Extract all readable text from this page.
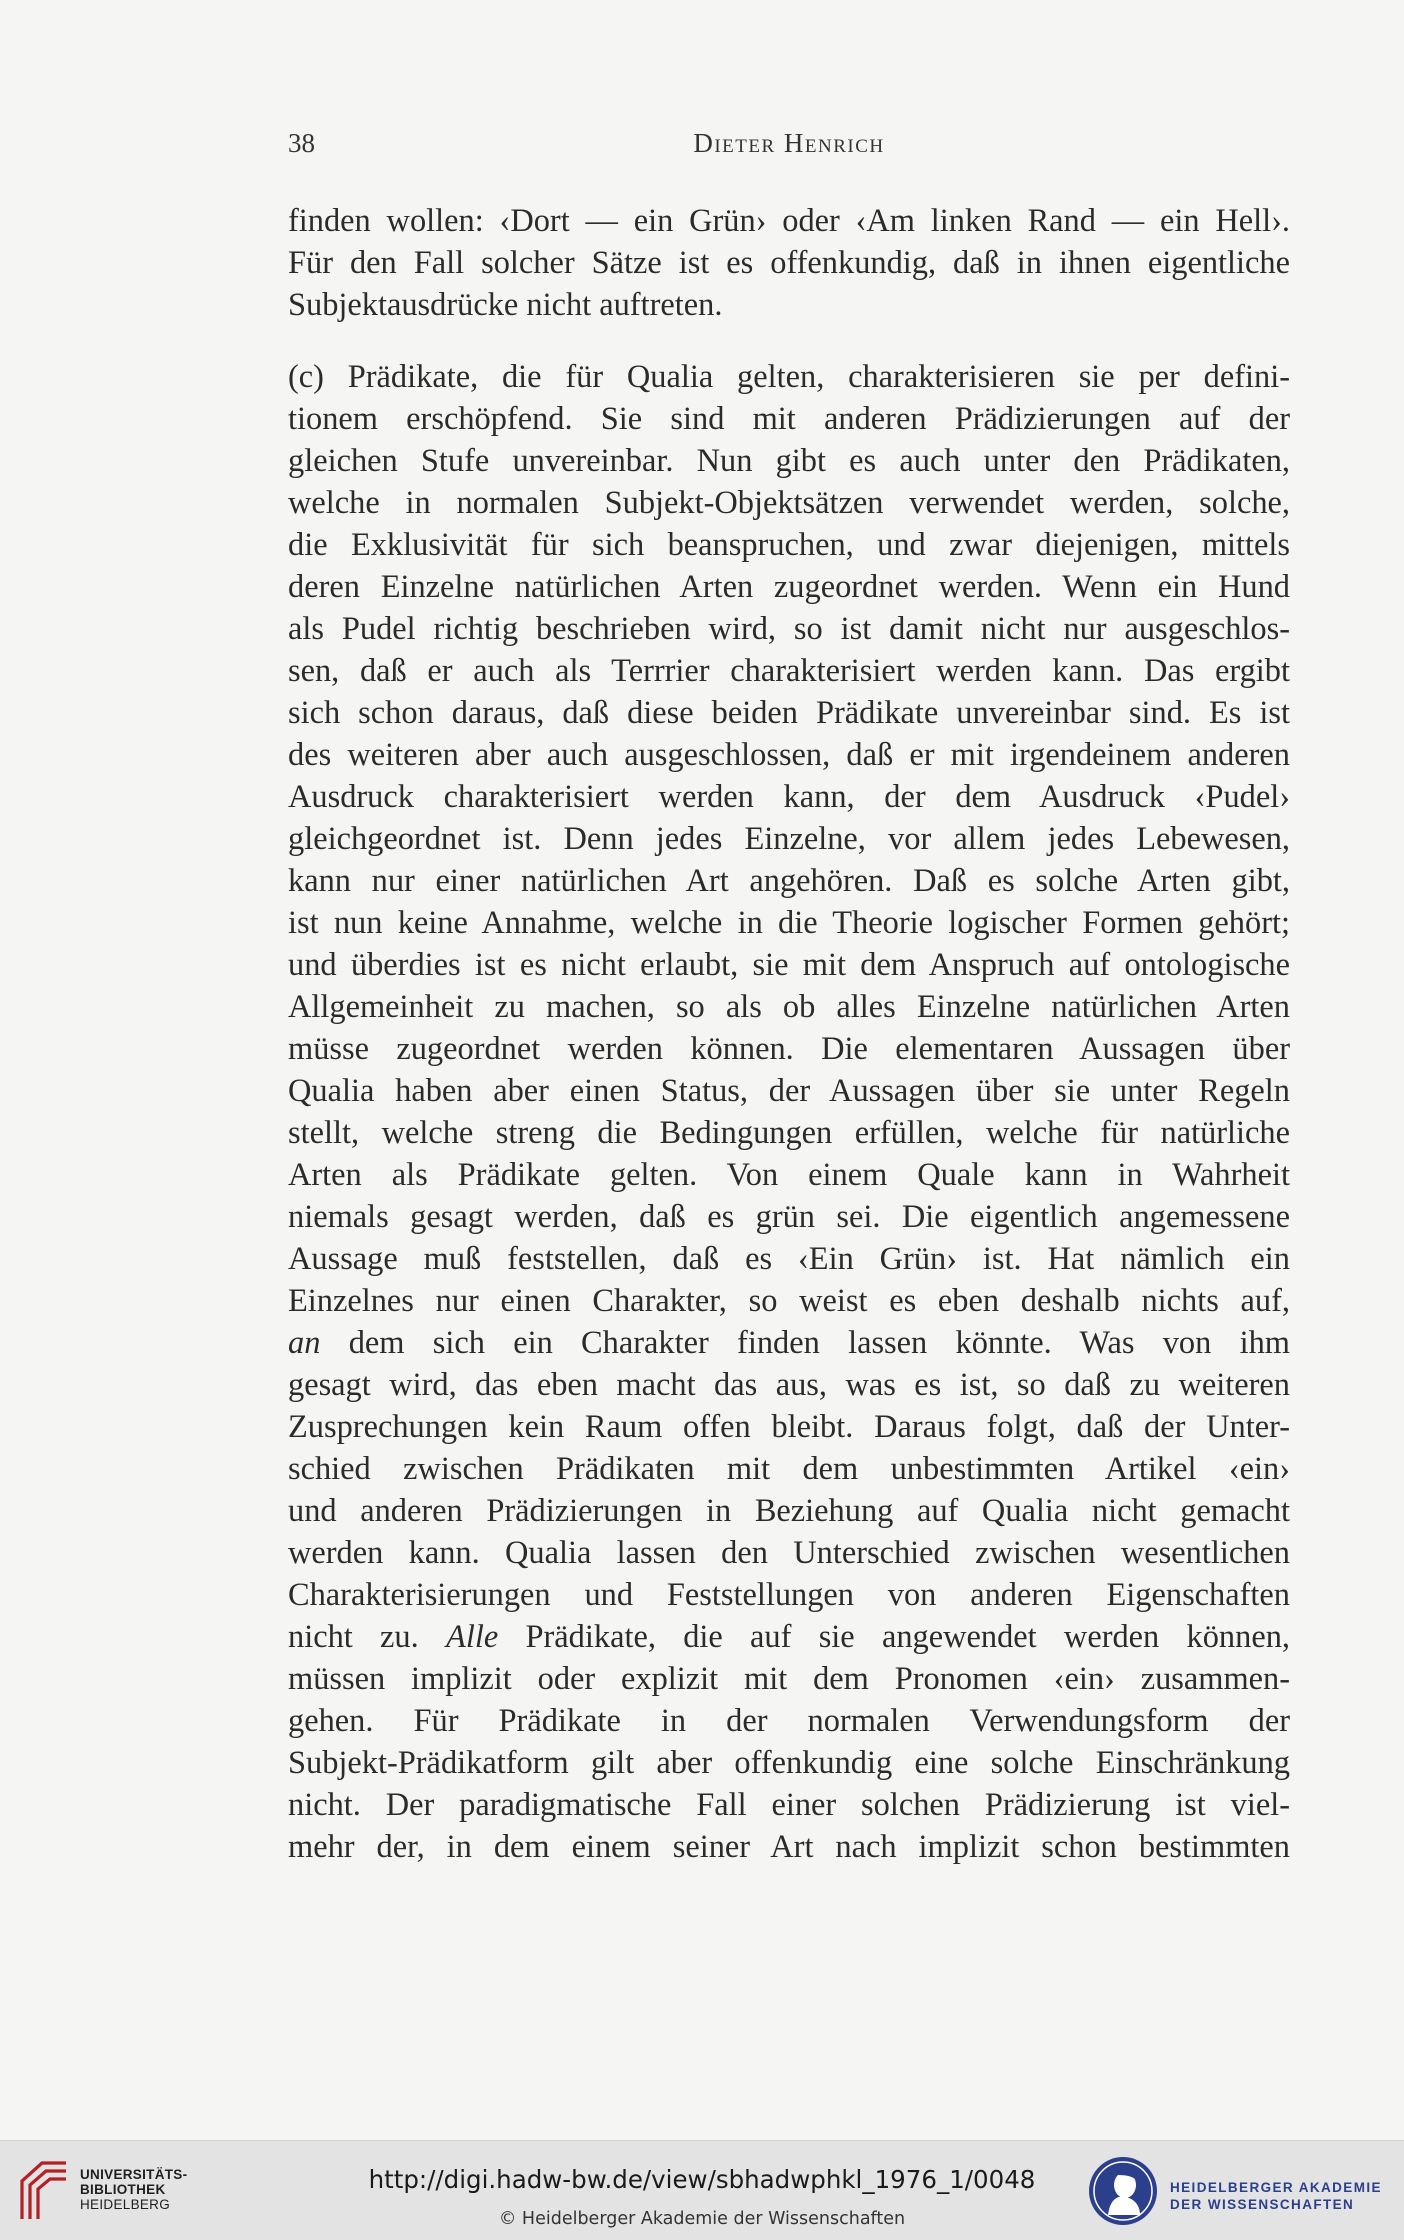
38	Dieter Henrich
finden wollen: ‹Dort — ein Grün› oder ‹Am linken Rand — ein Hell›.
Für den Fall solcher Sätze ist es offenkundig, daß in ihnen eigentliche
Subjektausdrücke nicht auftreten.
(c) Prädikate, die für Qualia gelten, charakterisieren sie per defini-
tionem erschöpfend. Sie sind mit anderen Prädizierungen auf der
gleichen Stufe unvereinbar. Nun gibt es auch unter den Prädikaten,
welche in normalen Subjekt-Objektsätzen verwendet werden, solche,
die Exklusivität für sich beanspruchen, und zwar diejenigen, mittels
deren Einzelne natürlichen Arten zugeordnet werden. Wenn ein Hund
als Pudel richtig beschrieben wird, so ist damit nicht nur ausgeschlos-
sen, daß er auch als Terrrier charakterisiert werden kann. Das ergibt
sich schon daraus, daß diese beiden Prädikate unvereinbar sind. Es ist
des weiteren aber auch ausgeschlossen, daß er mit irgendeinem anderen
Ausdruck charakterisiert werden kann, der dem Ausdruck ‹Pudel›
gleichgeordnet ist. Denn jedes Einzelne, vor allem jedes Lebewesen,
kann nur einer natürlichen Art angehören. Daß es solche Arten gibt,
ist nun keine Annahme, welche in die Theorie logischer Formen gehört;
und überdies ist es nicht erlaubt, sie mit dem Anspruch auf ontologische
Allgemeinheit zu machen, so als ob alles Einzelne natürlichen Arten
müsse zugeordnet werden können. Die elementaren Aussagen über
Qualia haben aber einen Status, der Aussagen über sie unter Regeln
stellt, welche streng die Bedingungen erfüllen, welche für natürliche
Arten als Prädikate gelten. Von einem Quale kann in Wahrheit
niemals gesagt werden, daß es grün sei. Die eigentlich angemessene
Aussage muß feststellen, daß es ‹Ein Grün› ist. Hat nämlich ein
Einzelnes nur einen Charakter, so weist es eben deshalb nichts auf,
an dem sich ein Charakter finden lassen könnte. Was von ihm
gesagt wird, das eben macht das aus, was es ist, so daß zu weiteren
Zusprechungen kein Raum offen bleibt. Daraus folgt, daß der Unter-
schied zwischen Prädikaten mit dem unbestimmten Artikel ‹ein›
und anderen Prädizierungen in Beziehung auf Qualia nicht gemacht
werden kann. Qualia lassen den Unterschied zwischen wesentlichen
Charakterisierungen und Feststellungen von anderen Eigenschaften
nicht zu. Alle Prädikate, die auf sie angewendet werden können,
müssen implizit oder explizit mit dem Pronomen ‹ein› zusammen-
gehen. Für Prädikate in der normalen Verwendungsform der
Subjekt-Prädikatform gilt aber offenkundig eine solche Einschränkung
nicht. Der paradigmatische Fall einer solchen Prädizierung ist viel-
mehr der, in dem einem seiner Art nach implizit schon bestimmten
UNIVERSITÄTS-
BIBLIOTHEK
HEIDELBERG
http://digi.hadw-bw.de/view/sbhadwphkl_1976_1/0048
© Heidelberger Akademie der Wissenschaften
HEIDELBERGER AKADEMIE
DER WISSENSCHAFTEN
